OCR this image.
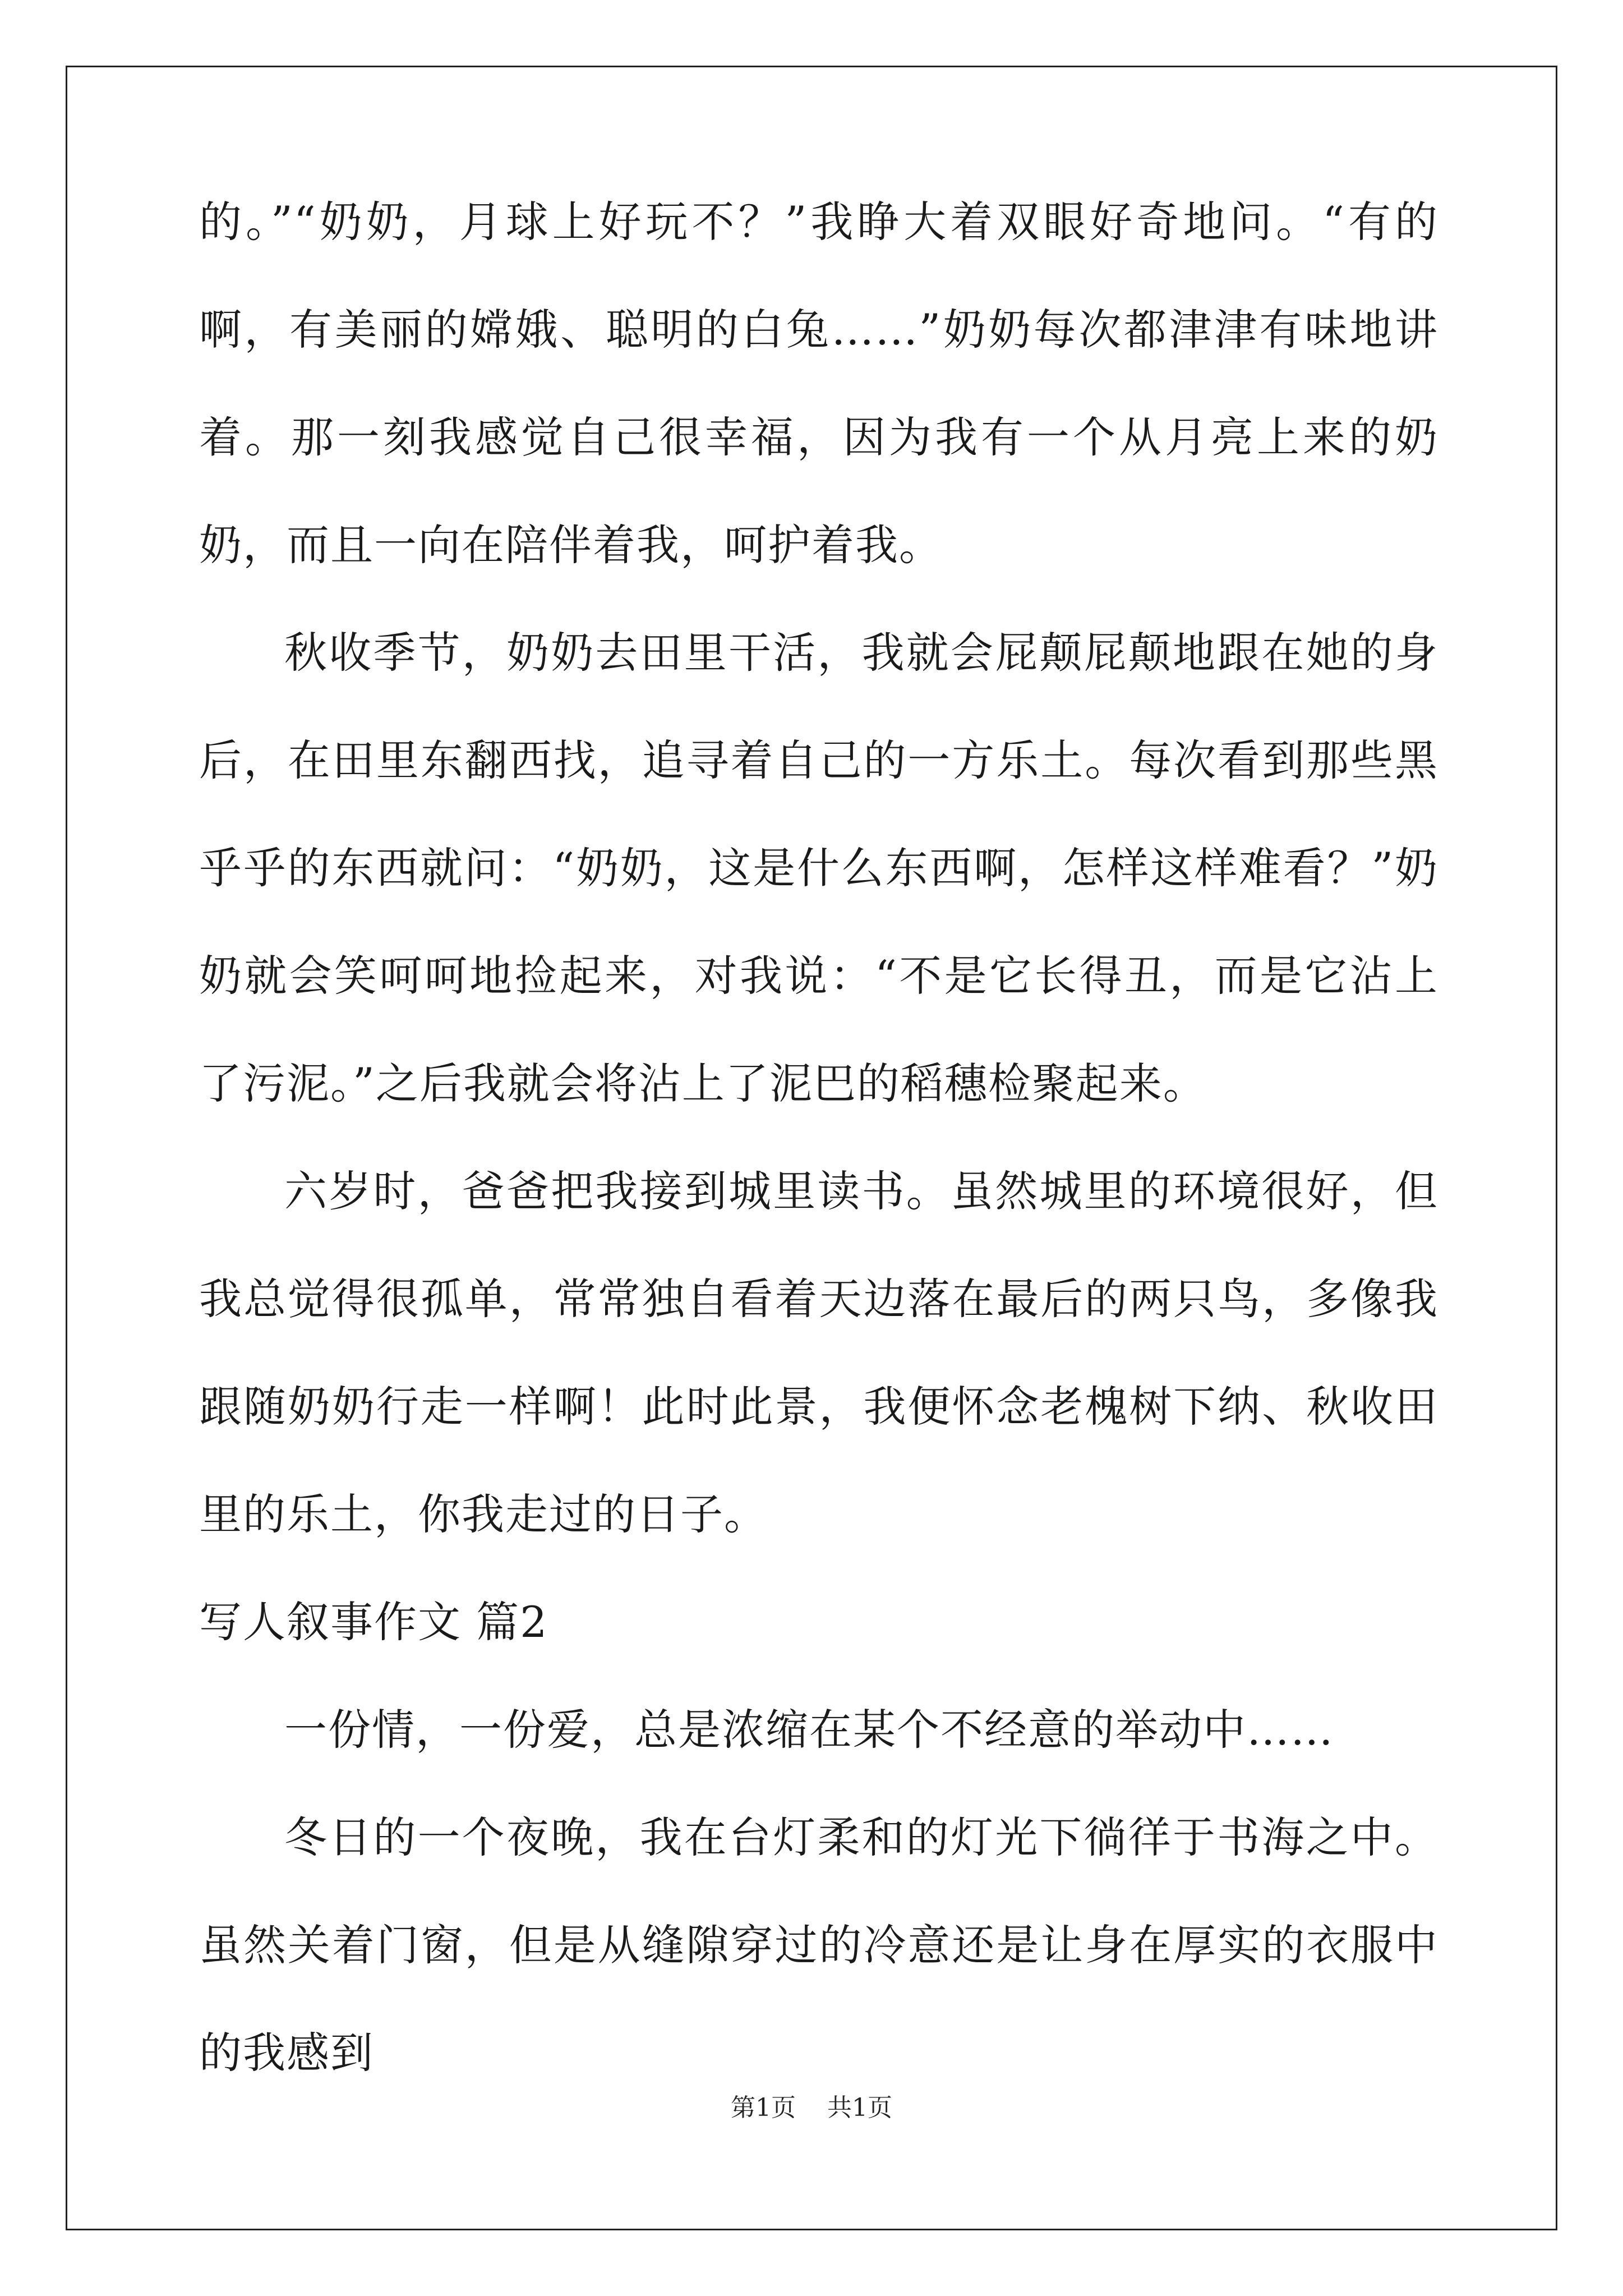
的。”“奶奶，月球上好玩不？”我睁大着双眼好奇地问。“有的啊，有美丽的嫦娥、聪明的白兔……”奶奶每次都津津有味地讲着。那一刻我感觉自己很幸福，因为我有一个从月亮上来的奶奶，而且一向在陪伴着我，呵护着我。

秋收季节，奶奶去田里干活，我就会屁颠屁颠地跟在她的身后，在田里东翻西找，追寻着自己的一方乐土。每次看到那些黑乎乎的东西就问：“奶奶，这是什么东西啊，怎样这样难看？”奶奶就会笑呵呵地捡起来，对我说：“不是它长得丑，而是它沾上了污泥。”之后我就会将沾上了泥巴的稻穗检聚起来。

六岁时，爸爸把我接到城里读书。虽然城里的环境很好，但我总觉得很孤单，常常独自看着天边落在最后的两只鸟，多像我跟随奶奶行走一样啊！此时此景，我便怀念老槐树下纳、秋收田里的乐土，你我走过的日子。

写人叙事作文 篇2

一份情，一份爱，总是浓缩在某个不经意的举动中……

冬日的一个夜晚，我在台灯柔和的灯光下徜徉于书海之中。虽然关着门窗，但是从缝隙穿过的冷意还是让身在厚实的衣服中的我感到

第1页 共1页
